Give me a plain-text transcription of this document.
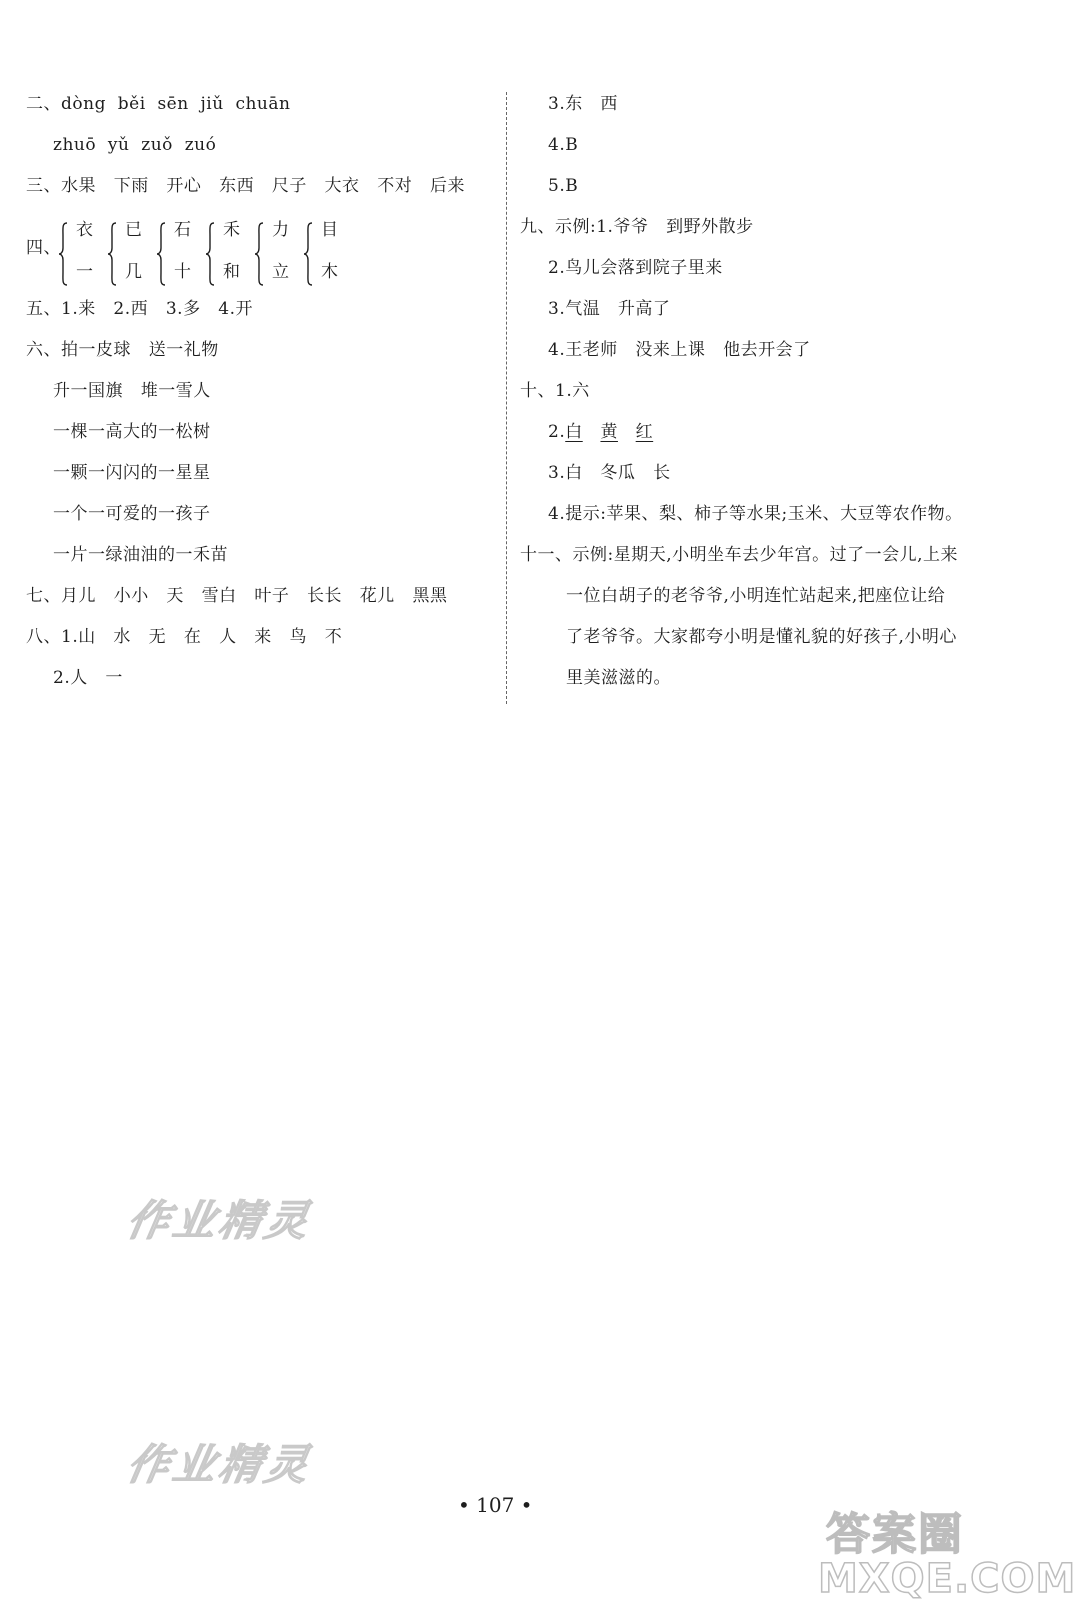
二、dòng  běi  sēn  jiǔ  chuān
zhuō  yǔ  zuǒ  zuó
三、水果   下雨   开心   东西   尺子   大衣   不对   后来
四、
衣
一
已
几
石
十
禾
和
力
立
目
木
五、1.来   2.西   3.多   4.开
六、拍一皮球   送一礼物
升一国旗   堆一雪人
一棵一高大的一松树
一颗一闪闪的一星星
一个一可爱的一孩子
一片一绿油油的一禾苗
七、月儿   小小   天   雪白   叶子   长长   花儿   黑黑
八、1.山   水   无   在   人   来   鸟   不
2.人   一
3.东   西
4.B
5.B
九、示例:1.爷爷   到野外散步
2.鸟儿会落到院子里来
3.气温   升高了
4.王老师   没来上课   他去开会了
十、1.六
2.白 黄 红
3.白   冬瓜   长
4.提示:苹果、梨、柿子等水果;玉米、大豆等农作物。
十一、示例:星期天,小明坐车去少年宫。过了一会儿,上来
一位白胡子的老爷爷,小明连忙站起来,把座位让给
了老爷爷。大家都夸小明是懂礼貌的好孩子,小明心
里美滋滋的。
作业精灵
作业精灵
• 107 •
答案圈
MXQE.COM
